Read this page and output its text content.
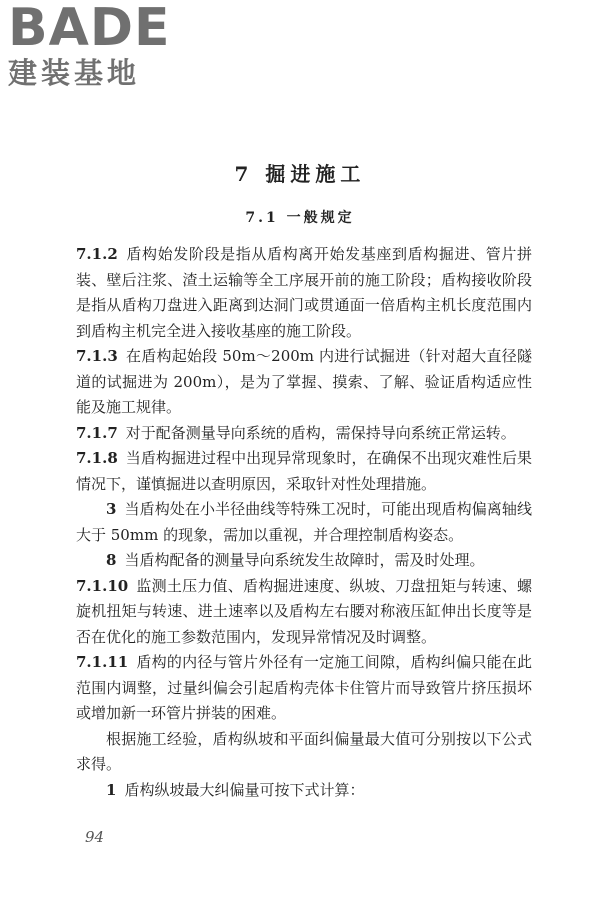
BADE
建装基地
7 掘进施工
7.1 一般规定

7.1.2 盾构始发阶段是指从盾构离开始发基座到盾构掘进、管片拼装、壁后注浆、渣土运输等全工序展开前的施工阶段；盾构接收阶段是指从盾构刀盘进入距离到达洞门或贯通面一倍盾构主机长度范围内到盾构主机完全进入接收基座的施工阶段。

7.1.3 在盾构起始段 50m～200m 内进行试掘进（针对超大直径隧道的试掘进为 200m），是为了掌握、摸索、了解、验证盾构适应性能及施工规律。

7.1.7 对于配备测量导向系统的盾构，需保持导向系统正常运转。

7.1.8 当盾构掘进过程中出现异常现象时，在确保不出现灾难性后果情况下，谨慎掘进以查明原因，采取针对性处理措施。

3 当盾构处在小半径曲线等特殊工况时，可能出现盾构偏离轴线大于 50mm 的现象，需加以重视，并合理控制盾构姿态。

8 当盾构配备的测量导向系统发生故障时，需及时处理。

7.1.10 监测土压力值、盾构掘进速度、纵坡、刀盘扭矩与转速、螺旋机扭矩与转速、进土速率以及盾构左右腰对称液压缸伸出长度等是否在优化的施工参数范围内，发现异常情况及时调整。

7.1.11 盾构的内径与管片外径有一定施工间隙，盾构纠偏只能在此范围内调整，过量纠偏会引起盾构壳体卡住管片而导致管片挤压损坏或增加新一环管片拼装的困难。

根据施工经验，盾构纵坡和平面纠偏量最大值可分别按以下公式求得。

1 盾构纵坡最大纠偏量可按下式计算：

94
